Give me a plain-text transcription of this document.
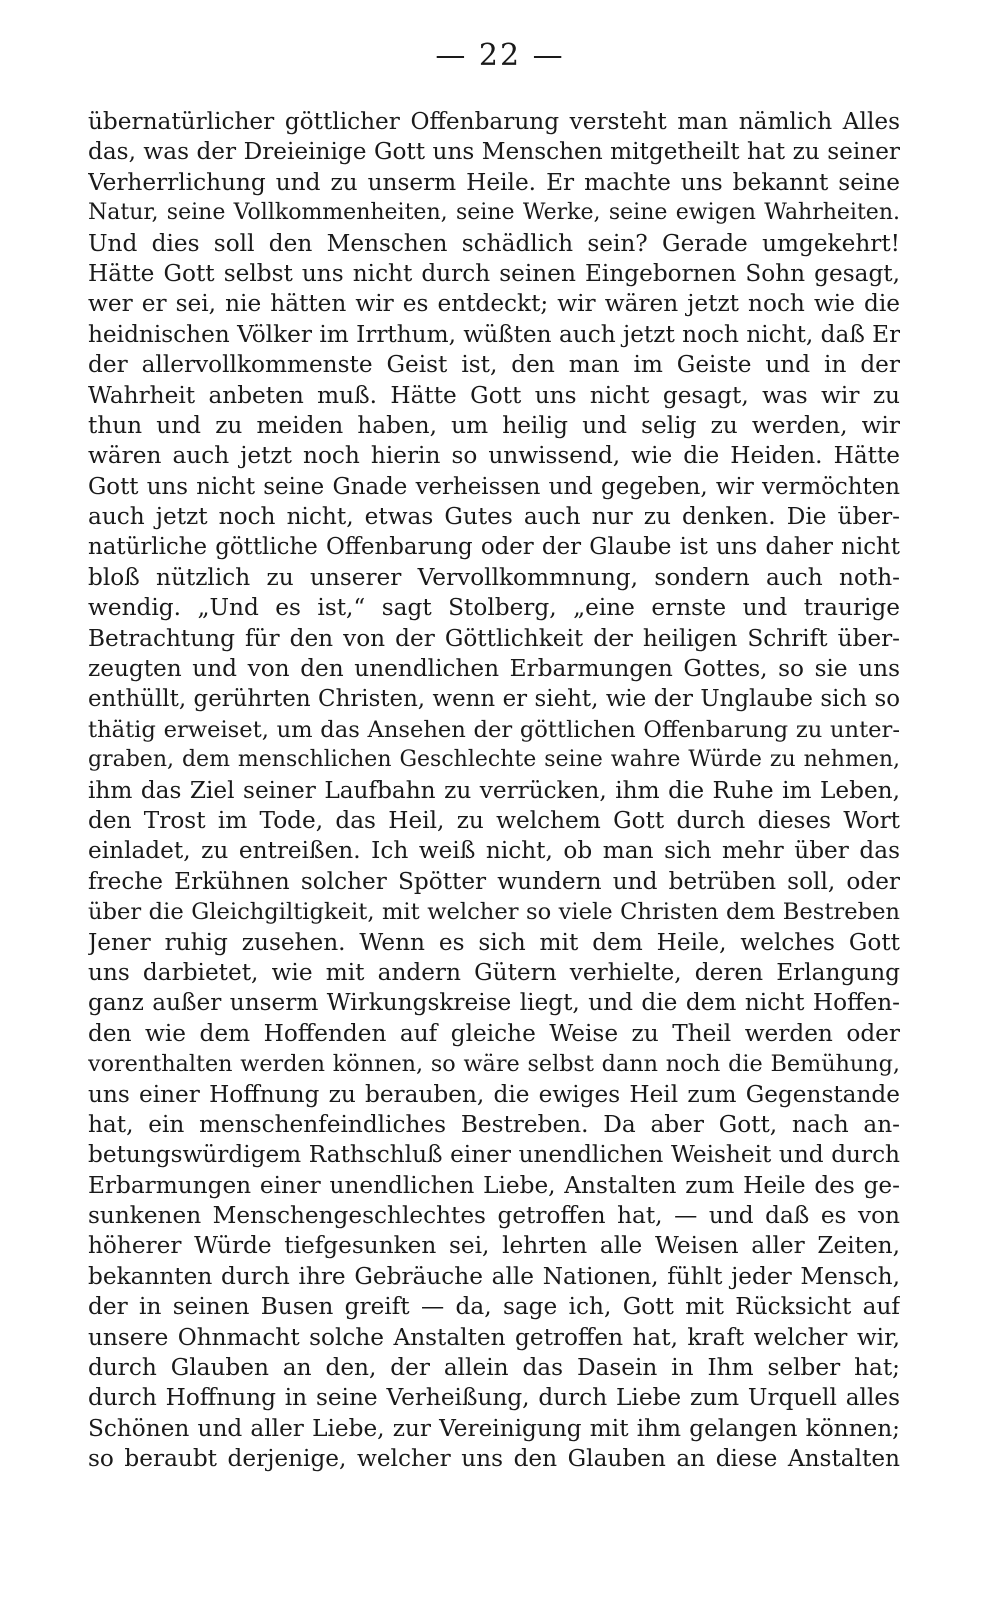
— 22 —
übernatürlicher göttlicher Offenbarung versteht man nämlich Alles
das, was der Dreieinige Gott uns Menschen mitgetheilt hat zu seiner
Verherrlichung und zu unserm Heile. Er machte uns bekannt seine
Natur, seine Vollkommenheiten, seine Werke, seine ewigen Wahrheiten.
Und dies soll den Menschen schädlich sein? Gerade umgekehrt!
Hätte Gott selbst uns nicht durch seinen Eingebornen Sohn gesagt,
wer er sei, nie hätten wir es entdeckt; wir wären jetzt noch wie die
heidnischen Völker im Irrthum, wüßten auch jetzt noch nicht, daß Er
der allervollkommenste Geist ist, den man im Geiste und in der
Wahrheit anbeten muß. Hätte Gott uns nicht gesagt, was wir zu
thun und zu meiden haben, um heilig und selig zu werden, wir
wären auch jetzt noch hierin so unwissend, wie die Heiden. Hätte
Gott uns nicht seine Gnade verheissen und gegeben, wir vermöchten
auch jetzt noch nicht, etwas Gutes auch nur zu denken. Die über-
natürliche göttliche Offenbarung oder der Glaube ist uns daher nicht
bloß nützlich zu unserer Vervollkommnung, sondern auch noth-
wendig. „Und es ist,“ sagt Stolberg, „eine ernste und traurige
Betrachtung für den von der Göttlichkeit der heiligen Schrift über-
zeugten und von den unendlichen Erbarmungen Gottes, so sie uns
enthüllt, gerührten Christen, wenn er sieht, wie der Unglaube sich so
thätig erweiset, um das Ansehen der göttlichen Offenbarung zu unter-
graben, dem menschlichen Geschlechte seine wahre Würde zu nehmen,
ihm das Ziel seiner Laufbahn zu verrücken, ihm die Ruhe im Leben,
den Trost im Tode, das Heil, zu welchem Gott durch dieses Wort
einladet, zu entreißen. Ich weiß nicht, ob man sich mehr über das
freche Erkühnen solcher Spötter wundern und betrüben soll, oder
über die Gleichgiltigkeit, mit welcher so viele Christen dem Bestreben
Jener ruhig zusehen. Wenn es sich mit dem Heile, welches Gott
uns darbietet, wie mit andern Gütern verhielte, deren Erlangung
ganz außer unserm Wirkungskreise liegt, und die dem nicht Hoffen-
den wie dem Hoffenden auf gleiche Weise zu Theil werden oder
vorenthalten werden können, so wäre selbst dann noch die Bemühung,
uns einer Hoffnung zu berauben, die ewiges Heil zum Gegenstande
hat, ein menschenfeindliches Bestreben. Da aber Gott, nach an-
betungswürdigem Rathschluß einer unendlichen Weisheit und durch
Erbarmungen einer unendlichen Liebe, Anstalten zum Heile des ge-
sunkenen Menschengeschlechtes getroffen hat, — und daß es von
höherer Würde tiefgesunken sei, lehrten alle Weisen aller Zeiten,
bekannten durch ihre Gebräuche alle Nationen, fühlt jeder Mensch,
der in seinen Busen greift — da, sage ich, Gott mit Rücksicht auf
unsere Ohnmacht solche Anstalten getroffen hat, kraft welcher wir,
durch Glauben an den, der allein das Dasein in Ihm selber hat;
durch Hoffnung in seine Verheißung, durch Liebe zum Urquell alles
Schönen und aller Liebe, zur Vereinigung mit ihm gelangen können;
so beraubt derjenige, welcher uns den Glauben an diese Anstalten
